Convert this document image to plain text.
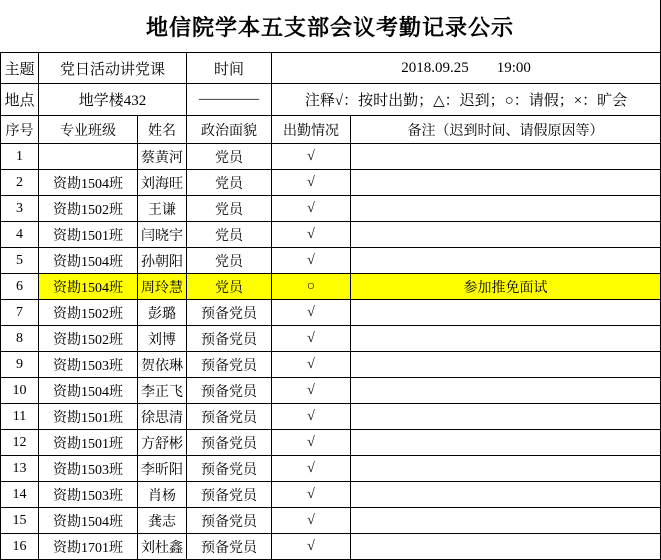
地信院学本五支部会议考勤记录公示
主题	党日活动讲党课		时间	2018.09.25 19:00	
地点	地学楼432		————	注释√：按时出勤；△：迟到；○：请假；×：旷会	
序号	专业班级	姓名	政治面貌	出勤情况	备注（迟到时间、请假原因等）
1		蔡黄河	党员	√	
2	资勘1504班	刘海旺	党员	√	
3	资勘1502班	王谦	党员	√	
4	资勘1501班	闫晓宇	党员	√	
5	资勘1504班	孙朝阳	党员	√	
6	资勘1504班	周玲慧	党员	○	参加推免面试
7	资勘1502班	彭璐	预备党员	√	
8	资勘1502班	刘博	预备党员	√	
9	资勘1503班	贺依琳	预备党员	√	
10	资勘1504班	李正飞	预备党员	√	
11	资勘1501班	徐思清	预备党员	√	
12	资勘1501班	方舒彬	预备党员	√	
13	资勘1503班	李昕阳	预备党员	√	
14	资勘1503班	肖杨	预备党员	√	
15	资勘1504班	龚志	预备党员	√	
16	资勘1701班	刘杜鑫	预备党员	√	
